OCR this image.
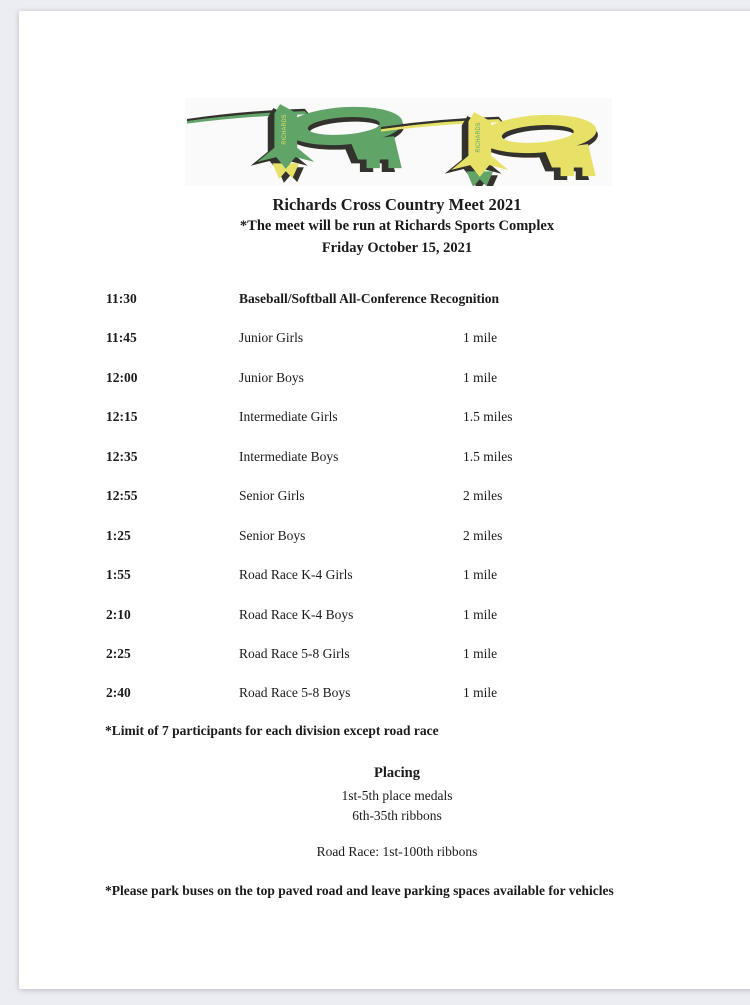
RICHARDS	RICHARDS
Richards Cross Country Meet 2021
*The meet will be run at Richards Sports Complex
Friday October 15, 2021
11:30	Baseball/Softball All-Conference Recognition
11:45	Junior Girls	1 mile
12:00	Junior Boys	1 mile
12:15	Intermediate Girls	1.5 miles
12:35	Intermediate Boys	1.5 miles
12:55	Senior Girls	2 miles
1:25	Senior Boys	2 miles
1:55	Road Race K-4 Girls	1 mile
2:10	Road Race K-4 Boys	1 mile
2:25	Road Race 5-8 Girls	1 mile
2:40	Road Race 5-8 Boys	1 mile
*Limit of 7 participants for each division except road race
Placing
1st-5th place medals
6th-35th ribbons
Road Race: 1st-100th ribbons
*Please park buses on the top paved road and leave parking spaces available for vehicles
